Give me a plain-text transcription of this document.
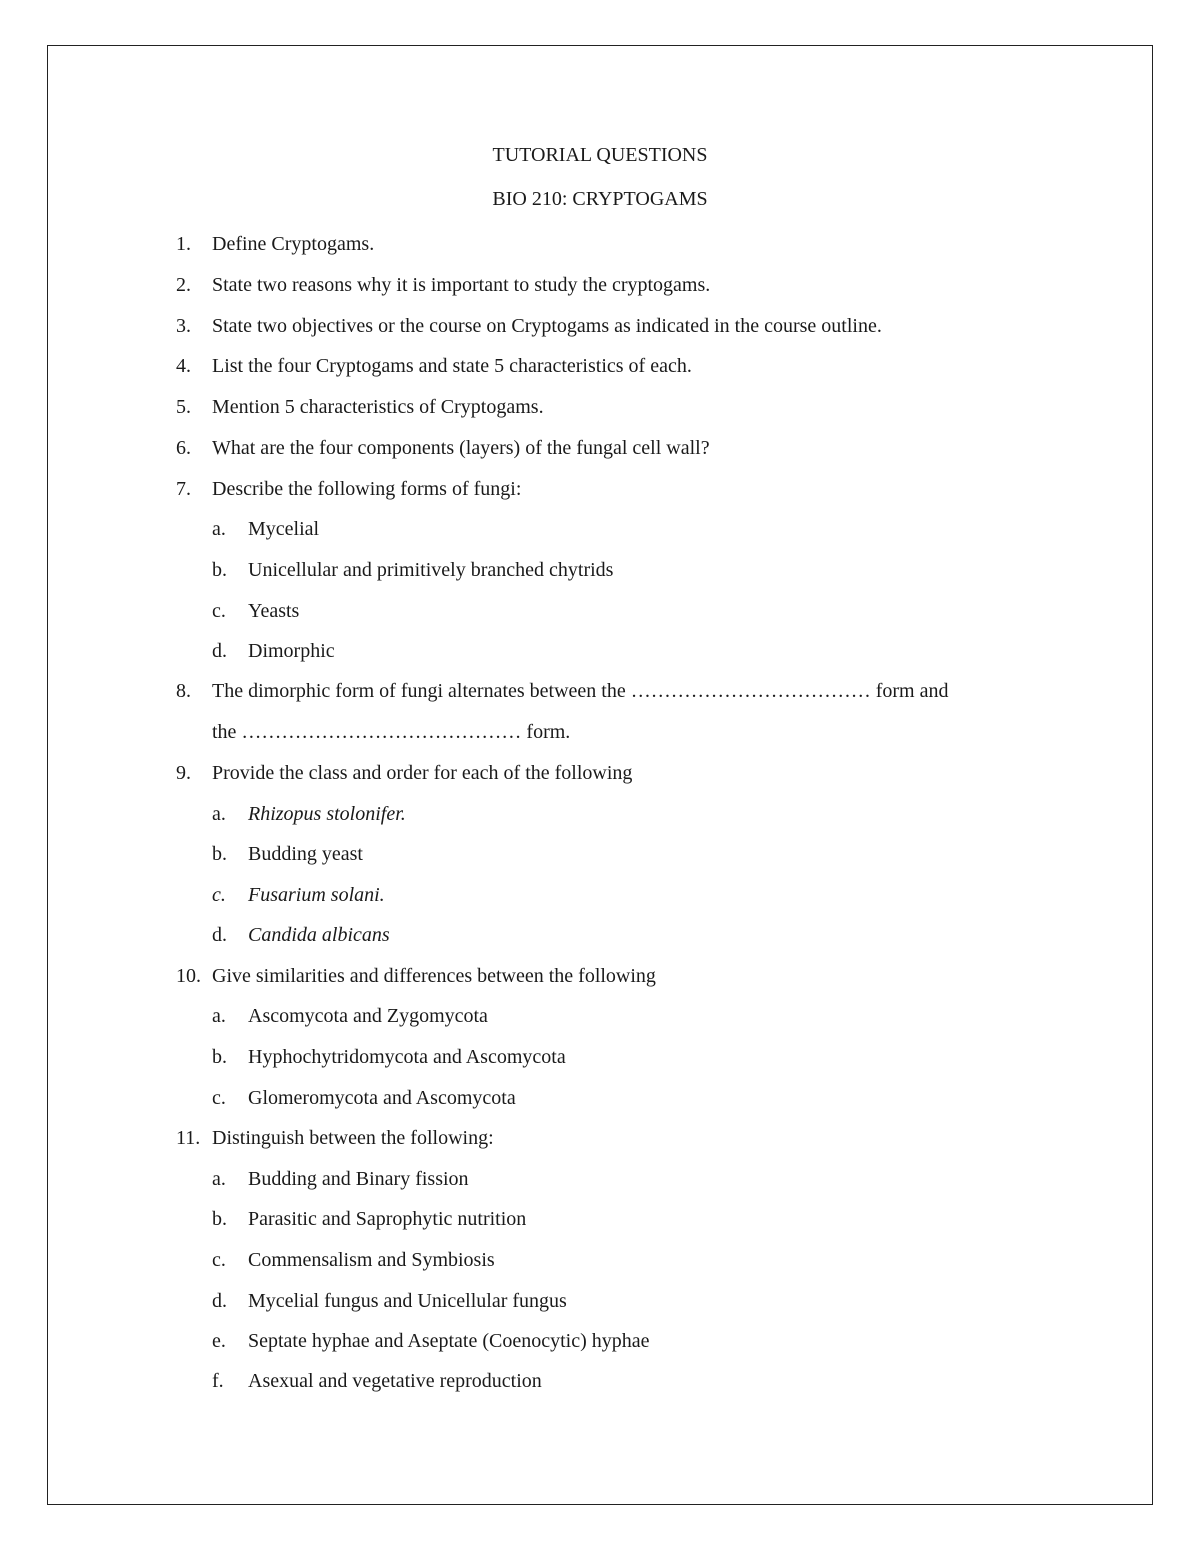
TUTORIAL QUESTIONS
BIO 210: CRYPTOGAMS
1. Define Cryptogams.
2. State two reasons why it is important to study the cryptogams.
3. State two objectives or the course on Cryptogams as indicated in the course outline.
4. List the four Cryptogams and state 5 characteristics of each.
5. Mention 5 characteristics of Cryptogams.
6. What are the four components (layers) of the fungal cell wall?
7. Describe the following forms of fungi:
a. Mycelial
b. Unicellular and primitively branched chytrids
c. Yeasts
d. Dimorphic
8. The dimorphic form of fungi alternates between the ……………………………… form and
the …………………………………… form.
9. Provide the class and order for each of the following
a. Rhizopus stolonifer.
b. Budding yeast
c. Fusarium solani.
d. Candida albicans
10. Give similarities and differences between the following
a. Ascomycota and Zygomycota
b. Hyphochytridomycota and Ascomycota
c. Glomeromycota and Ascomycota
11. Distinguish between the following:
a. Budding and Binary fission
b. Parasitic and Saprophytic nutrition
c. Commensalism and Symbiosis
d. Mycelial fungus and Unicellular fungus
e. Septate hyphae and Aseptate (Coenocytic) hyphae
f. Asexual and vegetative reproduction
